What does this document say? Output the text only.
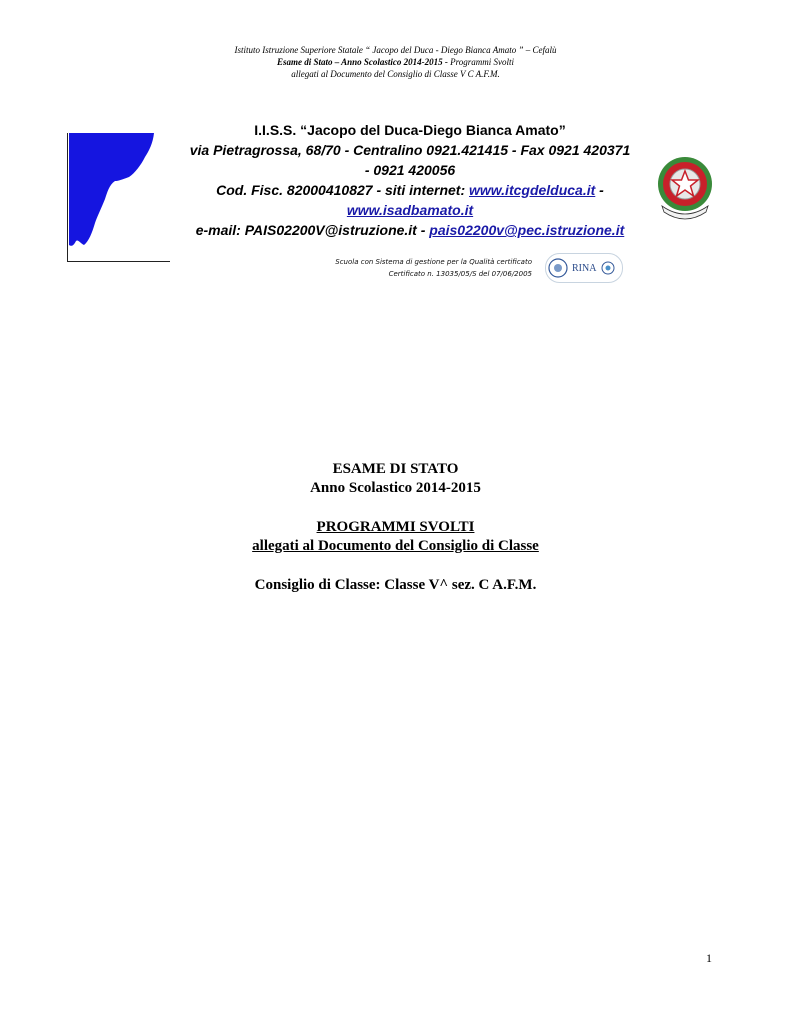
Istituto Istruzione Superiore Statale “ Jacopo del Duca - Diego Bianca Amato ” – Cefalù
Esame di Stato – Anno Scolastico 2014-2015 - Programmi Svolti
allegati al Documento del Consiglio di Classe V C A.F.M.
I.I.S.S. “Jacopo del Duca-Diego Bianca Amato”
via Pietragrossa, 68/70 - Centralino 0921.421415 - Fax 0921 420371
- 0921 420056
Cod. Fisc. 82000410827 - siti internet: www.itcgdelduca.it -
www.isadbamato.it
e-mail: PAIS02200V@istruzione.it - pais02200v@pec.istruzione.it
Scuola con Sistema di gestione per la Qualità certificato
Certificato n. 13035/05/S del 07/06/2005	RINA
ESAME DI STATO
Anno Scolastico 2014-2015
PROGRAMMI SVOLTI
allegati al Documento del Consiglio di Classe
Consiglio di Classe: Classe V^ sez. C A.F.M.
1
